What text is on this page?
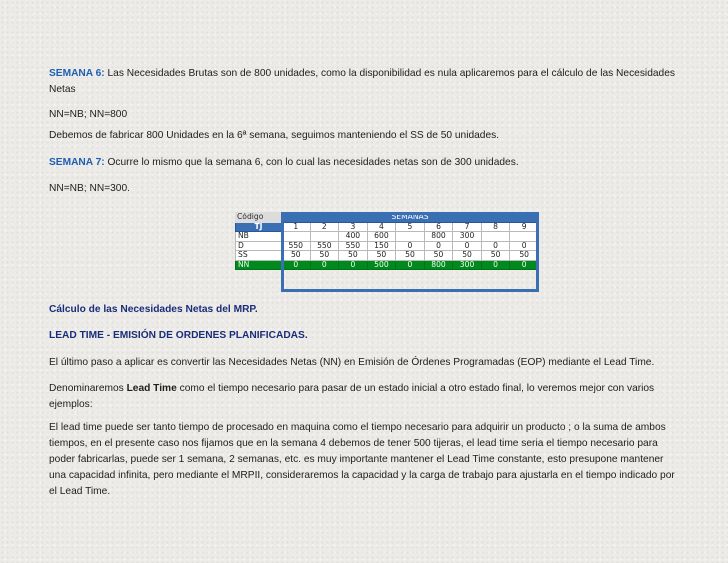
SEMANA 6: Las Necesidades Brutas son de 800 unidades, como la disponibilidad es nula aplicaremos para el cálculo de las Necesidades
Netas

NN=NB; NN=800

Debemos de fabricar 800 Unidades en la 6ª semana, seguimos manteniendo el SS de 50 unidades.

SEMANA 7: Ocurre lo mismo que la semana 6, con lo cual las necesidades netas son de 300 unidades.

NN=NB; NN=300.

Código	SEMANAS								
TJ	1	2	3	4	5	6	7	8	9
NB			400	600		800	300		
D	550	550	550	150	0	0	0	0	0
SS	50	50	50	50	50	50	50	50	50
NN	0	0	0	500	0	800	300	0	0

Cálculo de las Necesidades Netas del MRP.

LEAD TIME - EMISIÓN DE ORDENES PLANIFICADAS.

El último paso a aplicar es convertir las Necesidades Netas (NN) en Emisión de Órdenes Programadas (EOP) mediante el Lead Time.

Denominaremos Lead Time como el tiempo necesario para pasar de un estado inicial a otro estado final, lo veremos mejor con varios
ejemplos:

El lead time puede ser tanto tiempo de procesado en maquina como el tiempo necesario para adquirir un producto ; o la suma de ambos
tiempos, en el presente caso nos fijamos que en la semana 4 debemos de tener 500 tijeras, el lead time seria el tiempo necesario para
poder fabricarlas, puede ser 1 semana, 2 semanas, etc. es muy importante mantener el Lead Time constante, esto presupone mantener
una capacidad infinita, pero mediante el MRPII, consideraremos la capacidad y la carga de trabajo para ajustarla en el tiempo indicado por
el Lead Time.
